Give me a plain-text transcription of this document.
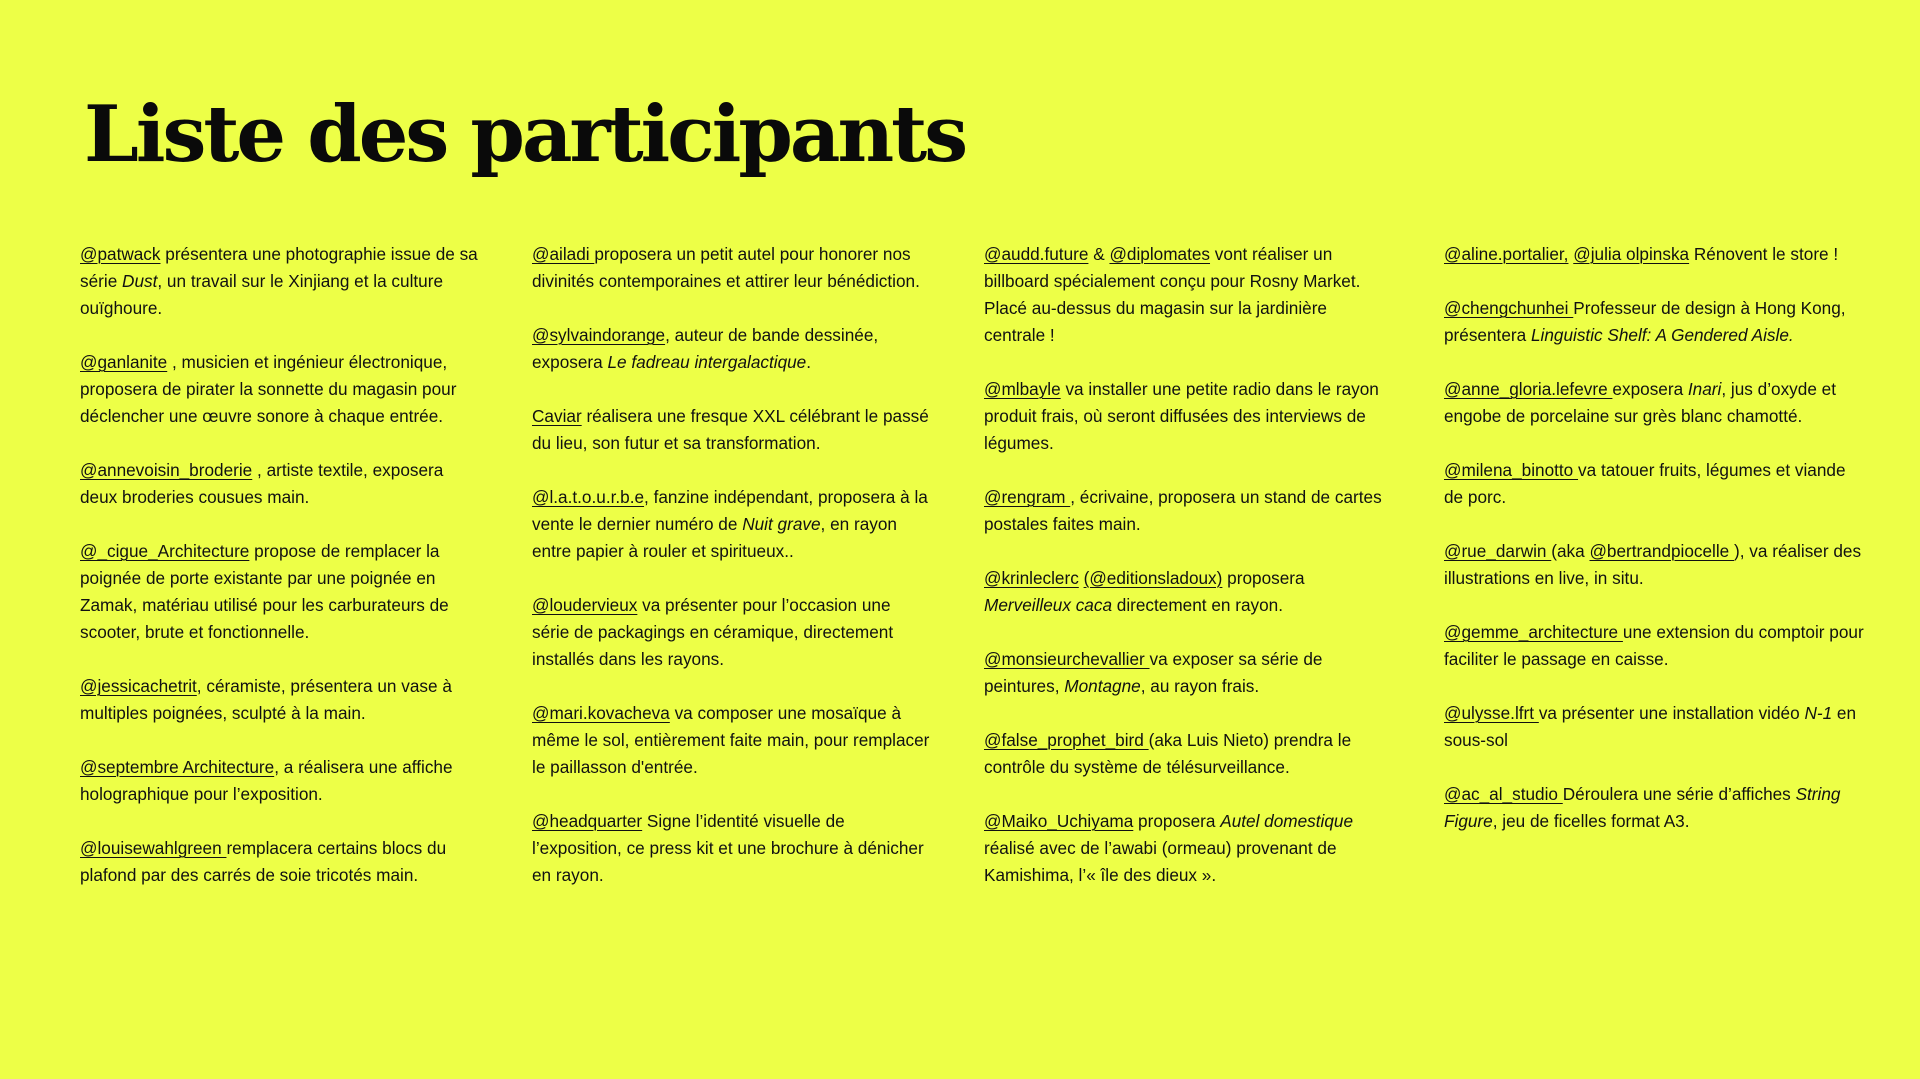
Liste des participants

@patwack présentera une photographie issue de sa série Dust, un travail sur le Xinjiang et la culture ouïghoure.

@ganlanite , musicien et ingénieur électronique, proposera de pirater la sonnette du magasin pour déclencher une œuvre sonore à chaque entrée.

@annevoisin_broderie , artiste textile, exposera deux broderies cousues main.

@_cigue_Architecture propose de remplacer la poignée de porte existante par une poignée en Zamak, matériau utilisé pour les carburateurs de scooter, brute et fonctionnelle.

@jessicachetrit, céramiste, présentera un vase à multiples poignées, sculpté à la main.

@septembre Architecture, a réalisera une affiche holographique pour l’exposition.

@louisewahlgreen remplacera certains blocs du plafond par des carrés de soie tricotés main.

@ailadi proposera un petit autel pour honorer nos divinités contemporaines et attirer leur bénédiction.

@sylvaindorange, auteur de bande dessinée, exposera Le fadreau intergalactique.

Caviar réalisera une fresque XXL célébrant le passé du lieu, son futur et sa transformation.

@l.a.t.o.u.r.b.e, fanzine indépendant, proposera à la vente le dernier numéro de Nuit grave, en rayon entre papier à rouler et spiritueux..

@loudervieux va présenter pour l’occasion une série de packagings en céramique, directement installés dans les rayons.

@mari.kovacheva va composer une mosaïque à même le sol, entièrement faite main, pour remplacer le paillasson d'entrée.

@headquarter Signe l’identité visuelle de l’exposition, ce press kit et une brochure à dénicher en rayon.

@audd.future & @diplomates vont réaliser un billboard spécialement conçu pour Rosny Market. Placé au-dessus du magasin sur la jardinière centrale !

@mlbayle va installer une petite radio dans le rayon produit frais, où seront diffusées des interviews de légumes.

@rengram , écrivaine, proposera un stand de cartes postales faites main.

@krinleclerc (@editionsladoux) proposera Merveilleux caca directement en rayon.

@monsieurchevallier va exposer sa série de peintures, Montagne, au rayon frais.

@false_prophet_bird (aka Luis Nieto) prendra le contrôle du système de télésurveillance.

@Maiko_Uchiyama proposera Autel domestique réalisé avec de l’awabi (ormeau) provenant de Kamishima, l’« île des dieux ».

@aline.portalier, @julia olpinska Rénovent le store !

@chengchunhei Professeur de design à Hong Kong, présentera Linguistic Shelf: A Gendered Aisle.

@anne_gloria.lefevre exposera Inari, jus d’oxyde et engobe de porcelaine sur grès blanc chamotté.

@milena_binotto va tatouer fruits, légumes et viande de porc.

@rue_darwin (aka @bertrandpiocelle ), va réaliser des illustrations en live, in situ.

@gemme_architecture une extension du comptoir pour faciliter le passage en caisse.

@ulysse.lfrt va présenter une installation vidéo N-1 en sous-sol

@ac_al_studio Déroulera une série d’affiches String Figure, jeu de ficelles format A3.
